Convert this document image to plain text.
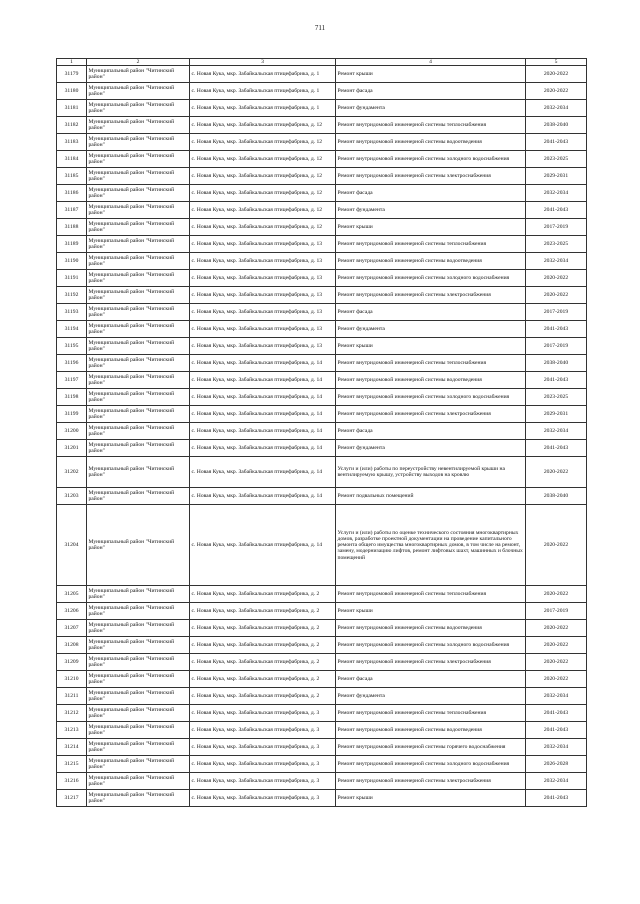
711
1	2	3	4	5
31179	Муниципальный район "Читинский район"	с. Новая Кука, мкр. Забайкальская птицефабрика, д. 1	Ремонт крыши	2020-2022
31180	Муниципальный район "Читинский район"	с. Новая Кука, мкр. Забайкальская птицефабрика, д. 1	Ремонт фасада	2020-2022
31181	Муниципальный район "Читинский район"	с. Новая Кука, мкр. Забайкальская птицефабрика, д. 1	Ремонт фундамента	2032-2034
31182	Муниципальный район "Читинский район"	с. Новая Кука, мкр. Забайкальская птицефабрика, д. 12	Ремонт внутридомовой инженерной системы теплоснабжения	2038-2040
31183	Муниципальный район "Читинский район"	с. Новая Кука, мкр. Забайкальская птицефабрика, д. 12	Ремонт внутридомовой инженерной системы водоотведения	2041-2043
31184	Муниципальный район "Читинский район"	с. Новая Кука, мкр. Забайкальская птицефабрика, д. 12	Ремонт внутридомовой инженерной системы холодного водоснабжения	2023-2025
31185	Муниципальный район "Читинский район"	с. Новая Кука, мкр. Забайкальская птицефабрика, д. 12	Ремонт внутридомовой инженерной системы электроснабжения	2029-2031
31186	Муниципальный район "Читинский район"	с. Новая Кука, мкр. Забайкальская птицефабрика, д. 12	Ремонт фасада	2032-2034
31187	Муниципальный район "Читинский район"	с. Новая Кука, мкр. Забайкальская птицефабрика, д. 12	Ремонт фундамента	2041-2043
31188	Муниципальный район "Читинский район"	с. Новая Кука, мкр. Забайкальская птицефабрика, д. 12	Ремонт крыши	2017-2019
31189	Муниципальный район "Читинский район"	с. Новая Кука, мкр. Забайкальская птицефабрика, д. 13	Ремонт внутридомовой инженерной системы теплоснабжения	2023-2025
31190	Муниципальный район "Читинский район"	с. Новая Кука, мкр. Забайкальская птицефабрика, д. 13	Ремонт внутридомовой инженерной системы водоотведения	2032-2034
31191	Муниципальный район "Читинский район"	с. Новая Кука, мкр. Забайкальская птицефабрика, д. 13	Ремонт внутридомовой инженерной системы холодного водоснабжения	2020-2022
31192	Муниципальный район "Читинский район"	с. Новая Кука, мкр. Забайкальская птицефабрика, д. 13	Ремонт внутридомовой инженерной системы электроснабжения	2020-2022
31193	Муниципальный район "Читинский район"	с. Новая Кука, мкр. Забайкальская птицефабрика, д. 13	Ремонт фасада	2017-2019
31194	Муниципальный район "Читинский район"	с. Новая Кука, мкр. Забайкальская птицефабрика, д. 13	Ремонт фундамента	2041-2043
31195	Муниципальный район "Читинский район"	с. Новая Кука, мкр. Забайкальская птицефабрика, д. 13	Ремонт крыши	2017-2019
31196	Муниципальный район "Читинский район"	с. Новая Кука, мкр. Забайкальская птицефабрика, д. 14	Ремонт внутридомовой инженерной системы теплоснабжения	2038-2040
31197	Муниципальный район "Читинский район"	с. Новая Кука, мкр. Забайкальская птицефабрика, д. 14	Ремонт внутридомовой инженерной системы водоотведения	2041-2043
31198	Муниципальный район "Читинский район"	с. Новая Кука, мкр. Забайкальская птицефабрика, д. 14	Ремонт внутридомовой инженерной системы холодного водоснабжения	2023-2025
31199	Муниципальный район "Читинский район"	с. Новая Кука, мкр. Забайкальская птицефабрика, д. 14	Ремонт внутридомовой инженерной системы электроснабжения	2029-2031
31200	Муниципальный район "Читинский район"	с. Новая Кука, мкр. Забайкальская птицефабрика, д. 14	Ремонт фасада	2032-2034
31201	Муниципальный район "Читинский район"	с. Новая Кука, мкр. Забайкальская птицефабрика, д. 14	Ремонт фундамента	2041-2043
31202	Муниципальный район "Читинский район"	с. Новая Кука, мкр. Забайкальская птицефабрика, д. 14	Услуги и (или) работы по переустройству невентилируемой крыши на вентилируемую крышу, устройству выходов на кровлю	2020-2022
31203	Муниципальный район "Читинский район"	с. Новая Кука, мкр. Забайкальская птицефабрика, д. 14	Ремонт подвальных помещений	2038-2040
31204	Муниципальный район "Читинский район"	с. Новая Кука, мкр. Забайкальская птицефабрика, д. 14	Услуги и (или) работы по оценке технического состояния многоквартирных домов, разработке проектной документации на проведение капитального ремонта общего имущества многоквартирных домов, в том числе на ремонт, замену, модернизацию лифтов, ремонт лифтовых шахт, машинных и блочных помещений	2020-2022
31205	Муниципальный район "Читинский район"	с. Новая Кука, мкр. Забайкальская птицефабрика, д. 2	Ремонт внутридомовой инженерной системы теплоснабжения	2020-2022
31206	Муниципальный район "Читинский район"	с. Новая Кука, мкр. Забайкальская птицефабрика, д. 2	Ремонт крыши	2017-2019
31207	Муниципальный район "Читинский район"	с. Новая Кука, мкр. Забайкальская птицефабрика, д. 2	Ремонт внутридомовой инженерной системы водоотведения	2020-2022
31208	Муниципальный район "Читинский район"	с. Новая Кука, мкр. Забайкальская птицефабрика, д. 2	Ремонт внутридомовой инженерной системы холодного водоснабжения	2020-2022
31209	Муниципальный район "Читинский район"	с. Новая Кука, мкр. Забайкальская птицефабрика, д. 2	Ремонт внутридомовой инженерной системы электроснабжения	2020-2022
31210	Муниципальный район "Читинский район"	с. Новая Кука, мкр. Забайкальская птицефабрика, д. 2	Ремонт фасада	2020-2022
31211	Муниципальный район "Читинский район"	с. Новая Кука, мкр. Забайкальская птицефабрика, д. 2	Ремонт фундамента	2032-2034
31212	Муниципальный район "Читинский район"	с. Новая Кука, мкр. Забайкальская птицефабрика, д. 3	Ремонт внутридомовой инженерной системы теплоснабжения	2041-2043
31213	Муниципальный район "Читинский район"	с. Новая Кука, мкр. Забайкальская птицефабрика, д. 3	Ремонт внутридомовой инженерной системы водоотведения	2041-2043
31214	Муниципальный район "Читинский район"	с. Новая Кука, мкр. Забайкальская птицефабрика, д. 3	Ремонт внутридомовой инженерной системы горячего водоснабжения	2032-2034
31215	Муниципальный район "Читинский район"	с. Новая Кука, мкр. Забайкальская птицефабрика, д. 3	Ремонт внутридомовой инженерной системы холодного водоснабжения	2026-2028
31216	Муниципальный район "Читинский район"	с. Новая Кука, мкр. Забайкальская птицефабрика, д. 3	Ремонт внутридомовой инженерной системы электроснабжения	2032-2034
31217	Муниципальный район "Читинский район"	с. Новая Кука, мкр. Забайкальская птицефабрика, д. 3	Ремонт крыши	2041-2043
